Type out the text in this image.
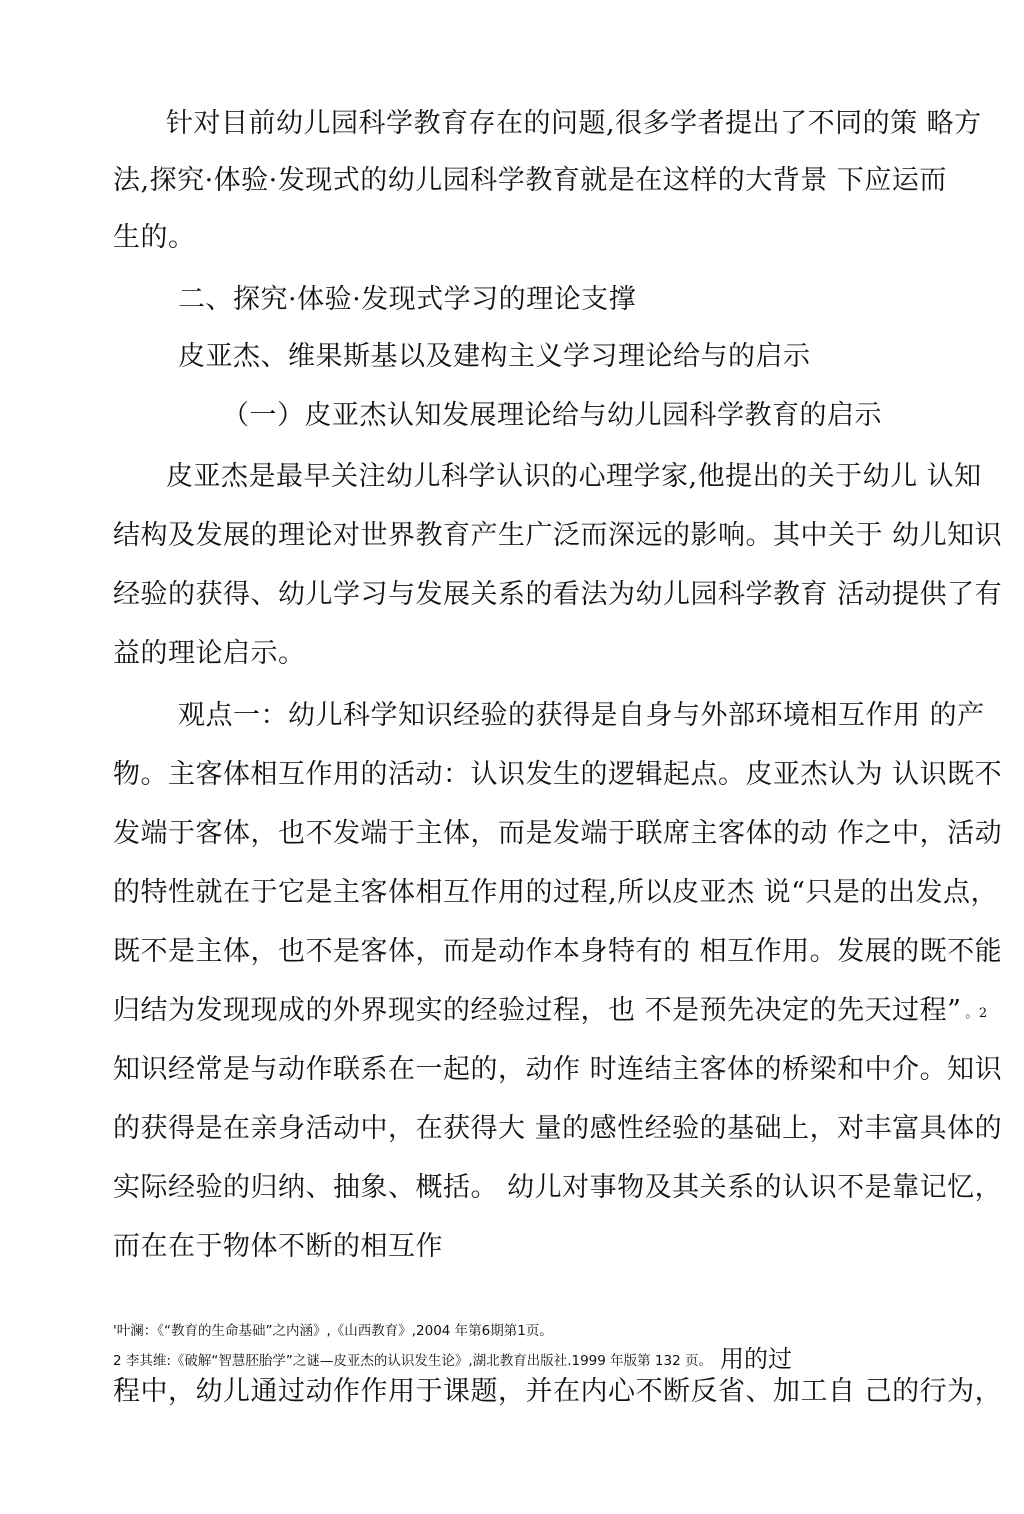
针对目前幼儿园科学教育存在的问题,很多学者提出了不同的策 略方
法,探究·体验·发现式的幼儿园科学教育就是在这样的大背景 下应运而
生的。
二、探究·体验·发现式学习的理论支撑
皮亚杰、维果斯基以及建构主义学习理论给与的启示
（一）皮亚杰认知发展理论给与幼儿园科学教育的启示
皮亚杰是最早关注幼儿科学认识的心理学家,他提出的关于幼儿 认知
结构及发展的理论对世界教育产生广泛而深远的影响。其中关于 幼儿知识
经验的获得、幼儿学习与发展关系的看法为幼儿园科学教育 活动提供了有
益的理论启示。
观点一：幼儿科学知识经验的获得是自身与外部环境相互作用 的产
物。主客体相互作用的活动：认识发生的逻辑起点。皮亚杰认为 认识既不
发端于客体，也不发端于主体，而是发端于联席主客体的动 作之中，活动
的特性就在于它是主客体相互作用的过程,所以皮亚杰 说“只是的出发点，
既不是主体，也不是客体，而是动作本身特有的 相互作用。发展的既不能
归结为发现现成的外界现实的经验过程，也 不是预先决定的先天过程” 。2
知识经常是与动作联系在一起的，动作 时连结主客体的桥梁和中介。知识
的获得是在亲身活动中，在获得大 量的感性经验的基础上，对丰富具体的
实际经验的归纳、抽象、概括。 幼儿对事物及其关系的认识不是靠记忆，
而在在于物体不断的相互作
'叶澜：《“教育的生命基础”之内涵》,《山西教育》,2004 年第6期第1页。
2 李其维:《破解“智慧胚胎学”之谜—皮亚杰的认识发生论》,湖北教育出版社.1999 年版第 132 页。 用的过
程中，幼儿通过动作作用于课题，并在内心不断反省、加工自 己的行为，
